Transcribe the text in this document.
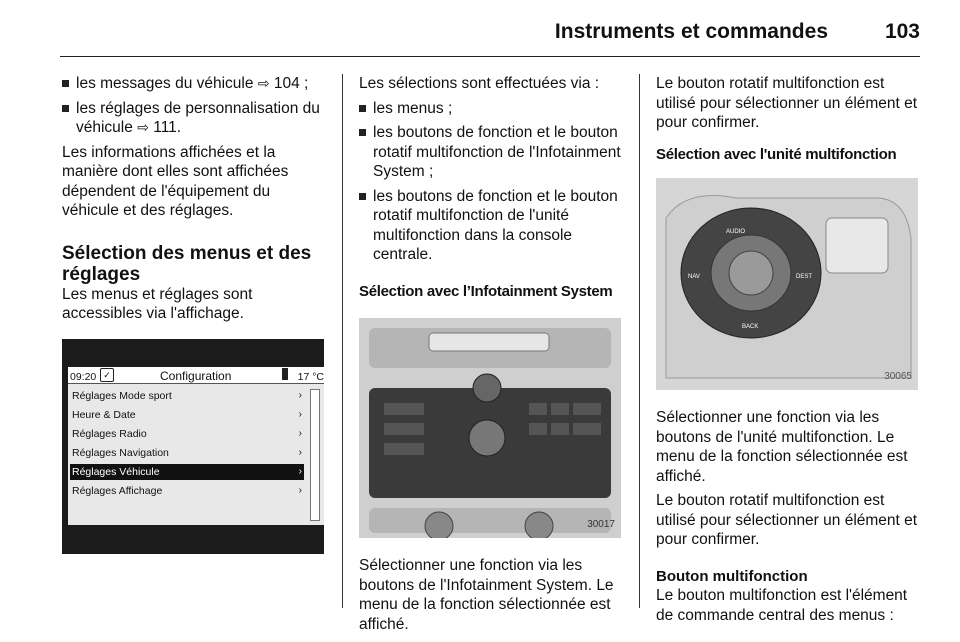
Instruments et commandes	103
les messages du véhicule ⇨ 104 ;
les réglages de personnalisation du véhicule ⇨ 111.

Les informations affichées et la manière dont elles sont affichées dépendent de l'équipement du véhicule et des réglages.

Sélection des menus et des réglages

Les menus et réglages sont accessibles via l'affichage.

09:20 ✓	Configuration	17 °C
Réglages Mode sport	›
Heure & Date	›
Réglages Radio	›
Réglages Navigation	›
Réglages Véhicule	›
Réglages Affichage	›

Les sélections sont effectuées via :

les menus ;
les boutons de fonction et le bouton rotatif multifonction de l'Infotainment System ;
les boutons de fonction et le bouton rotatif multifonction de l'unité multifonction dans la console centrale.
Sélection avec l’Infotainment System
30017

Sélectionner une fonction via les boutons de l'Infotainment System. Le menu de la fonction sélectionnée est affiché.

Le bouton rotatif multifonction est utilisé pour sélectionner un élément et pour confirmer.

Sélection avec l'unité multifonction
AUDIO
NAV	DEST
BACK
30065

Sélectionner une fonction via les boutons de l'unité multifonction. Le menu de la fonction sélectionnée est affiché.

Le bouton rotatif multifonction est utilisé pour sélectionner un élément et pour confirmer.

Bouton multifonction

Le bouton multifonction est l'élément de commande central des menus :
